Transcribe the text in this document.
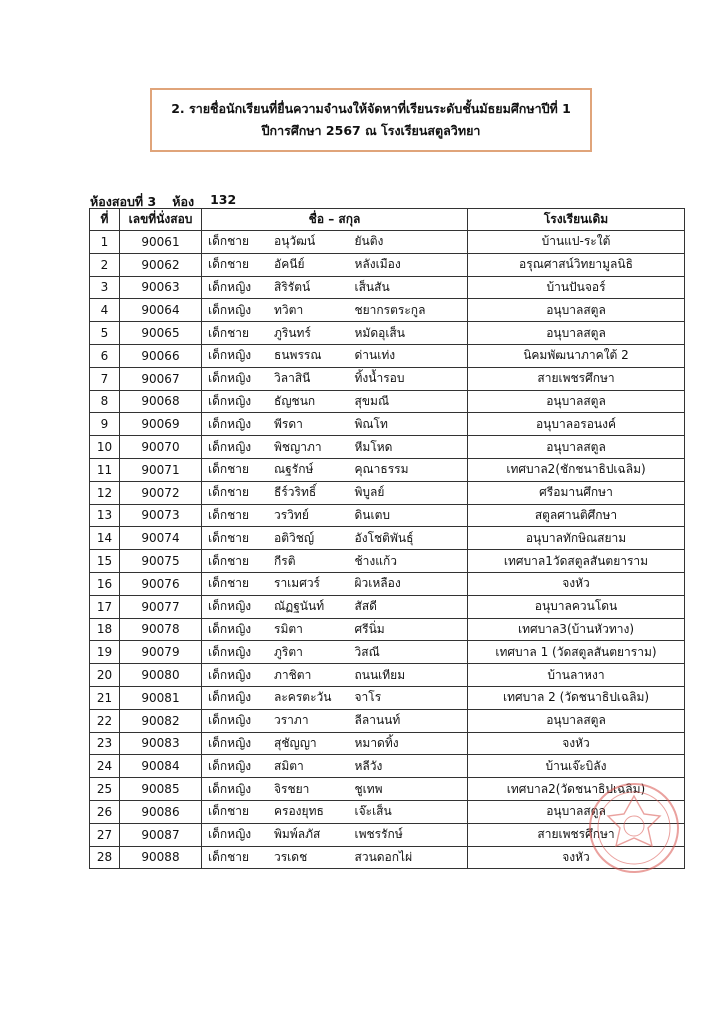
2. รายชื่อนักเรียนที่ยื่นความจำนงให้จัดหาที่เรียนระดับชั้นมัธยมศึกษาปีที่ 1
ปีการศึกษา 2567 ณ โรงเรียนสตูลวิทยา
ห้องสอบที่ 3 ห้อง 132
ที่	เลขที่นั่งสอบ	ชื่อ – สกุล		โรงเรียนเดิม
1	90061	เด็กชาย อนุวัฒน์	ยันติง	บ้านแป-ระใต้
2	90062	เด็กชาย อัคนีย์	หลังเมือง	อรุณศาสน์วิทยามูลนิธิ
3	90063	เด็กหญิง สิริรัตน์	เส็นสัน	บ้านปันจอร์
4	90064	เด็กหญิง ทวิตา	ชยากรตระกูล	อนุบาลสตูล
5	90065	เด็กชาย ภูรินทร์	หมัดอุเส็น	อนุบาลสตูล
6	90066	เด็กหญิง ธนพรรณ	ด่านเท่ง	นิคมพัฒนาภาคใต้ 2
7	90067	เด็กหญิง วิลาสินี	ทิ้งน้ำรอบ	สายเพชรศึกษา
8	90068	เด็กหญิง ธัญชนก	สุขมณี	อนุบาลสตูล
9	90069	เด็กหญิง พีรดา	พิณโท	อนุบาลอรอนงค์
10	90070	เด็กหญิง พิชญาภา	หีมโหด	อนุบาลสตูล
11	90071	เด็กชาย ณฐรักษ์	คุณาธรรม	เทศบาล2(ชักชนาธิปเฉลิม)
12	90072	เด็กชาย ธีร์วริทธิ์	พิบูลย์	ศรีอมานศึกษา
13	90073	เด็กชาย วรวิทย์	ดินเตบ	สตูลศานติศึกษา
14	90074	เด็กชาย อติวิชญ์	อังโชติพันธุ์	อนุบาลทักษิณสยาม
15	90075	เด็กชาย กีรติ	ช้างแก้ว	เทศบาล1วัดสตูลสันตยาราม
16	90076	เด็กชาย ราเมศวร์	ผิวเหลือง	จงหัว
17	90077	เด็กหญิง ณัฏฐนันท์	สัสดี	อนุบาลควนโดน
18	90078	เด็กหญิง รมิตา	ศรีนิ่ม	เทศบาล3(บ้านหัวทาง)
19	90079	เด็กหญิง ภูริตา	วิสณี	เทศบาล 1 (วัดสตูลสันตยาราม)
20	90080	เด็กหญิง ภาชิตา	ถนนเทียม	บ้านลาหงา
21	90081	เด็กหญิง ละครตะวัน	จาโร	เทศบาล 2 (วัดชนาธิปเฉลิม)
22	90082	เด็กหญิง วราภา	ลีลานนท์	อนุบาลสตูล
23	90083	เด็กหญิง สุชัญญา	หมาดทิ้ง	จงหัว
24	90084	เด็กหญิง สมิตา	หลีวัง	บ้านเจ๊ะบิลัง
25	90085	เด็กหญิง จิรชยา	ชูเทพ	เทศบาล2(วัดชนาธิปเฉลิม)
26	90086	เด็กชาย ครองยุทธ	เจ๊ะเส็น	อนุบาลสตูล
27	90087	เด็กหญิง พิมพ์ลภัส	เพชรรักษ์	สายเพชรศึกษา
28	90088	เด็กชาย วรเดช	สวนดอกไผ่	จงหัว
